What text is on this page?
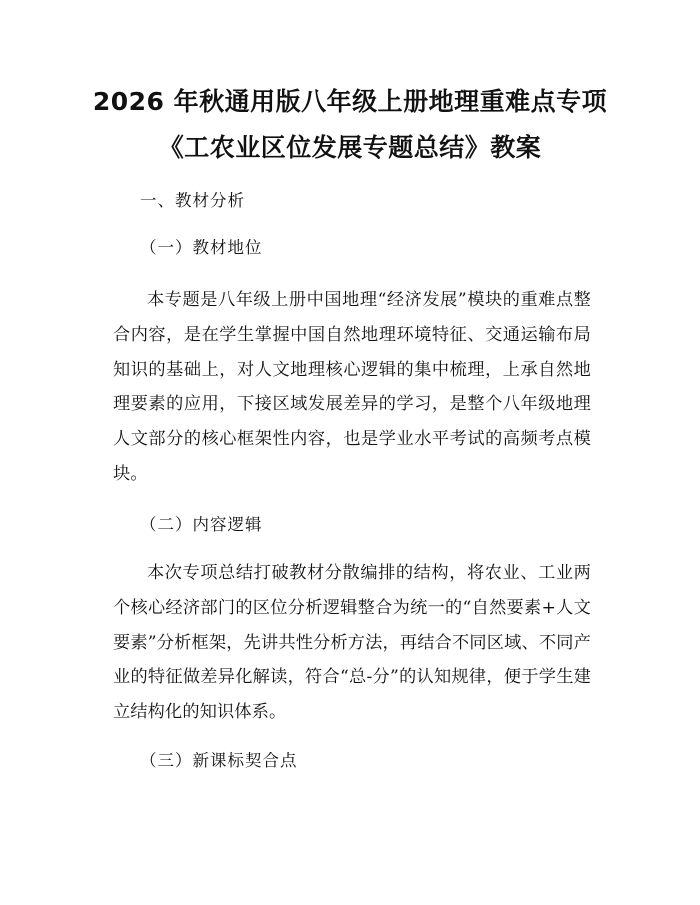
2026 年秋通用版八年级上册地理重难点专项
《工农业区位发展专题总结》教案

一、教材分析

（一）教材地位

本专题是八年级上册中国地理“经济发展”模块的重难点整合内容，是在学生掌握中国自然地理环境特征、交通运输布局知识的基础上，对人文地理核心逻辑的集中梳理，上承自然地理要素的应用，下接区域发展差异的学习，是整个八年级地理人文部分的核心框架性内容，也是学业水平考试的高频考点模块。

（二）内容逻辑

本次专项总结打破教材分散编排的结构，将农业、工业两个核心经济部门的区位分析逻辑整合为统一的“自然要素+人文要素”分析框架，先讲共性分析方法，再结合不同区域、不同产业的特征做差异化解读，符合“总-分”的认知规律，便于学生建立结构化的知识体系。

（三）新课标契合点
